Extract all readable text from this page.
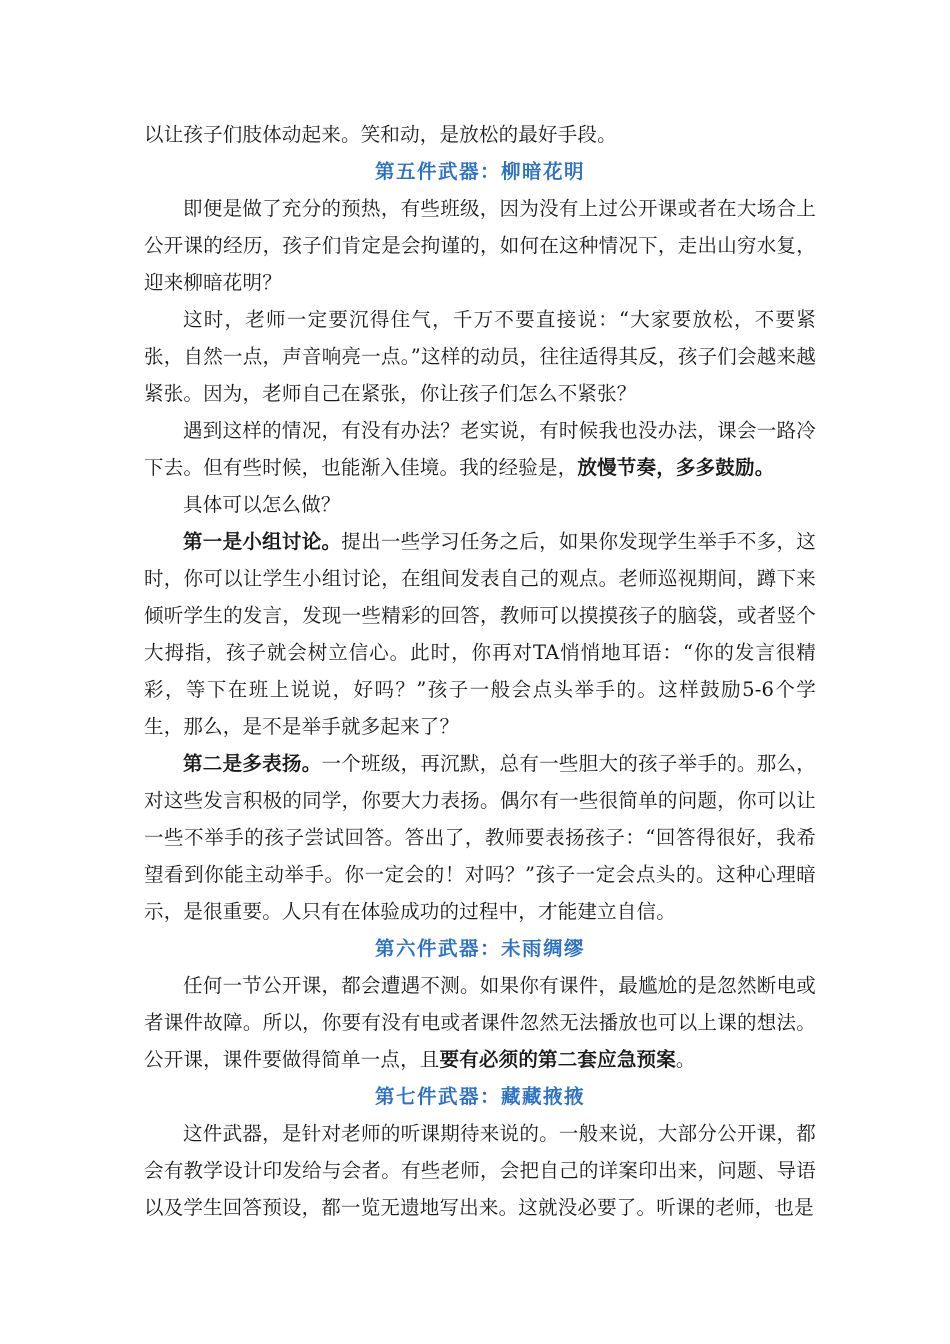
以让孩子们肢体动起来。笑和动，是放松的最好手段。

第五件武器：柳暗花明

即便是做了充分的预热，有些班级，因为没有上过公开课或者在大场合上公开课的经历，孩子们肯定是会拘谨的，如何在这种情况下，走出山穷水复，迎来柳暗花明？

这时，老师一定要沉得住气，千万不要直接说：“大家要放松，不要紧张，自然一点，声音响亮一点。”这样的动员，往往适得其反，孩子们会越来越紧张。因为，老师自己在紧张，你让孩子们怎么不紧张？

遇到这样的情况，有没有办法？老实说，有时候我也没办法，课会一路冷下去。但有些时候，也能渐入佳境。我的经验是，放慢节奏，多多鼓励。

具体可以怎么做？

第一是小组讨论。提出一些学习任务之后，如果你发现学生举手不多，这时，你可以让学生小组讨论，在组间发表自己的观点。老师巡视期间，蹲下来倾听学生的发言，发现一些精彩的回答，教师可以摸摸孩子的脑袋，或者竖个大拇指，孩子就会树立信心。此时，你再对TA悄悄地耳语：“你的发言很精彩，等下在班上说说，好吗？”孩子一般会点头举手的。这样鼓励5-6个学生，那么，是不是举手就多起来了？

第二是多表扬。一个班级，再沉默，总有一些胆大的孩子举手的。那么，对这些发言积极的同学，你要大力表扬。偶尔有一些很简单的问题，你可以让一些不举手的孩子尝试回答。答出了，教师要表扬孩子：“回答得很好，我希望看到你能主动举手。你一定会的！对吗？”孩子一定会点头的。这种心理暗示，是很重要。人只有在体验成功的过程中，才能建立自信。

第六件武器：未雨绸缪

任何一节公开课，都会遭遇不测。如果你有课件，最尴尬的是忽然断电或者课件故障。所以，你要有没有电或者课件忽然无法播放也可以上课的想法。公开课，课件要做得简单一点，且要有必须的第二套应急预案。

第七件武器：藏藏掖掖

这件武器，是针对老师的听课期待来说的。一般来说，大部分公开课，都会有教学设计印发给与会者。有些老师，会把自己的详案印出来，问题、导语以及学生回答预设，都一览无遗地写出来。这就没必要了。听课的老师，也是
